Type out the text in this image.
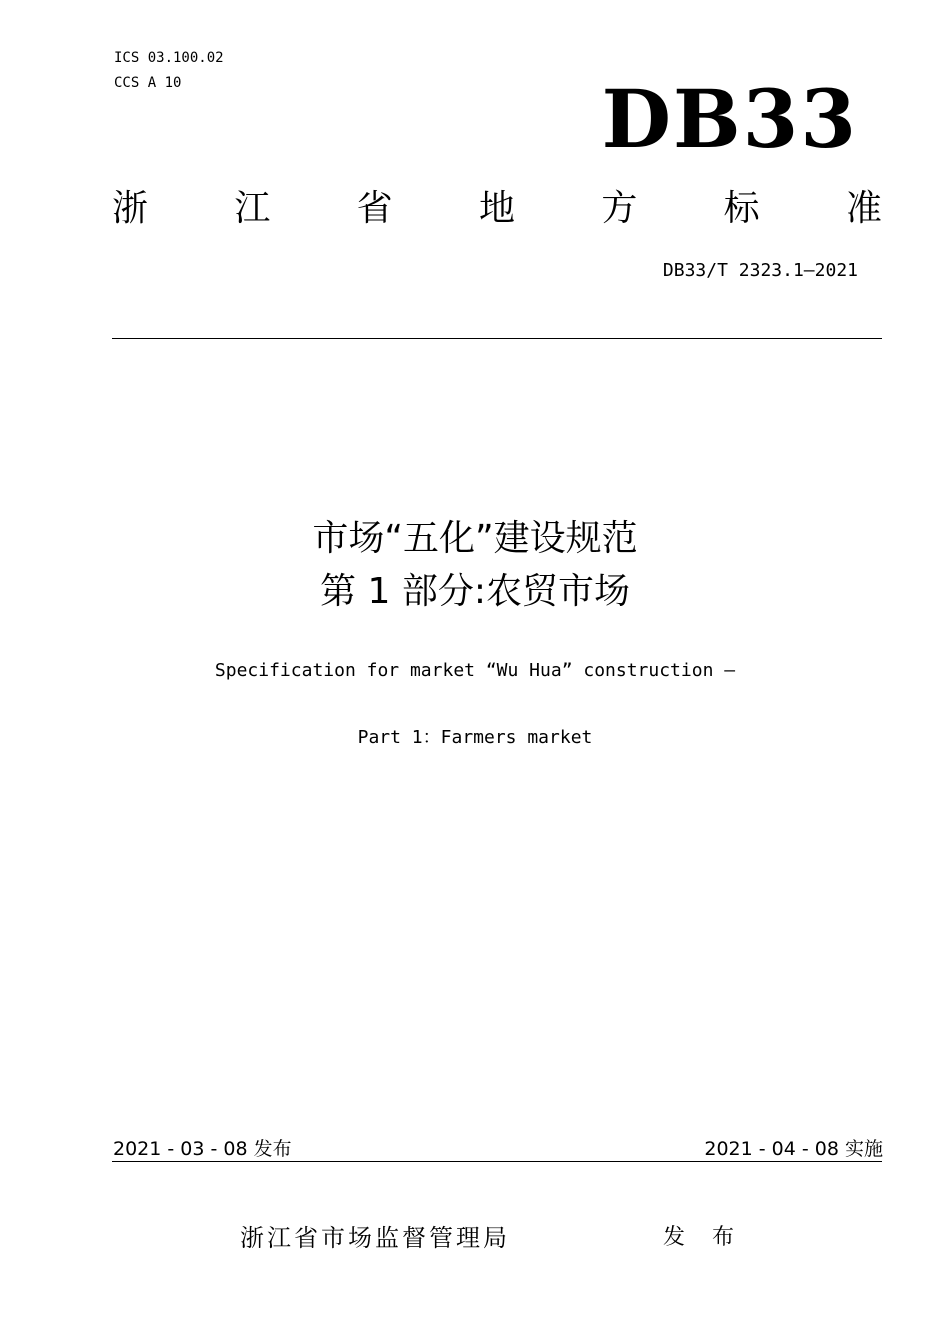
ICS 03.100.02
CCS A 10	DB33
浙 江 省 地 方 标 准
DB33/T 2323.1—2021
市场“五化”建设规范
第 1 部分:农贸市场
Specification for market “Wu Hua” construction —
Part 1：Farmers market
2021 - 03 - 08 发布	2021 - 04 - 08 实施
浙江省市场监督管理局	发 布
